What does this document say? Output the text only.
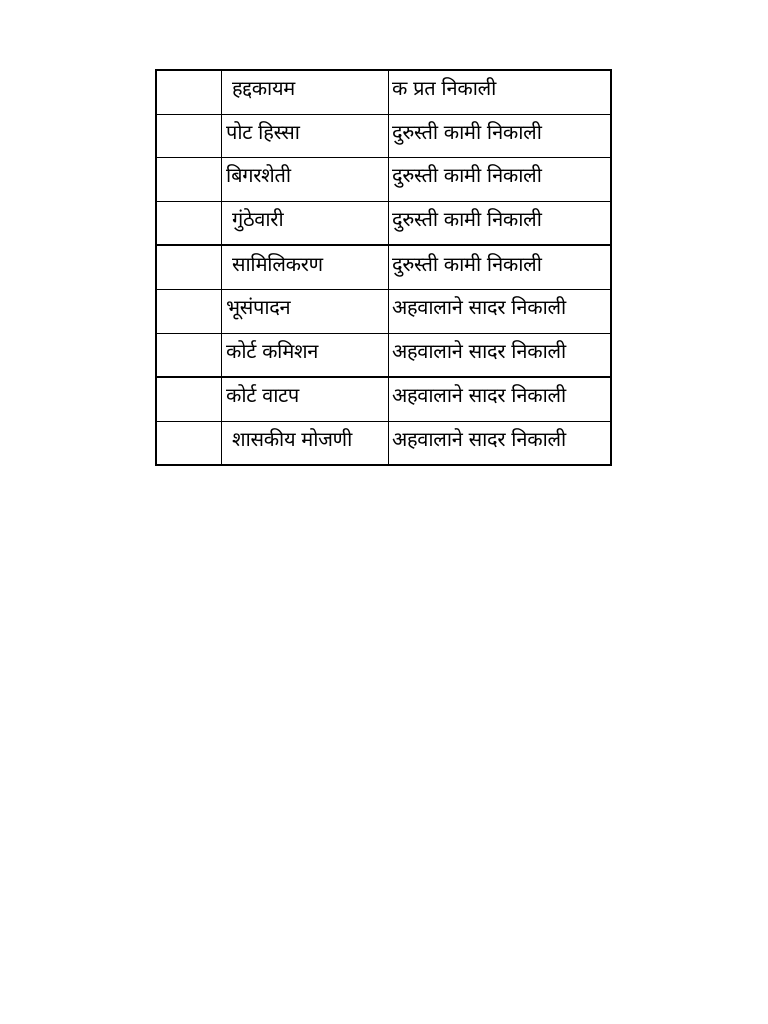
	हद्दकायम	क प्रत निकाली

	पोट हिस्सा	दुरुस्ती कामी निकाली

	बिगरशेती	दुरुस्ती कामी निकाली

	गुंठेवारी	दुरुस्ती कामी निकाली

	सामिलिकरण	दुरुस्ती कामी निकाली

	भूसंपादन	अहवालाने सादर निकाली

	कोर्ट कमिशन	अहवालाने सादर निकाली

	कोर्ट वाटप	अहवालाने सादर निकाली

	शासकीय मोजणी	अहवालाने सादर निकाली
